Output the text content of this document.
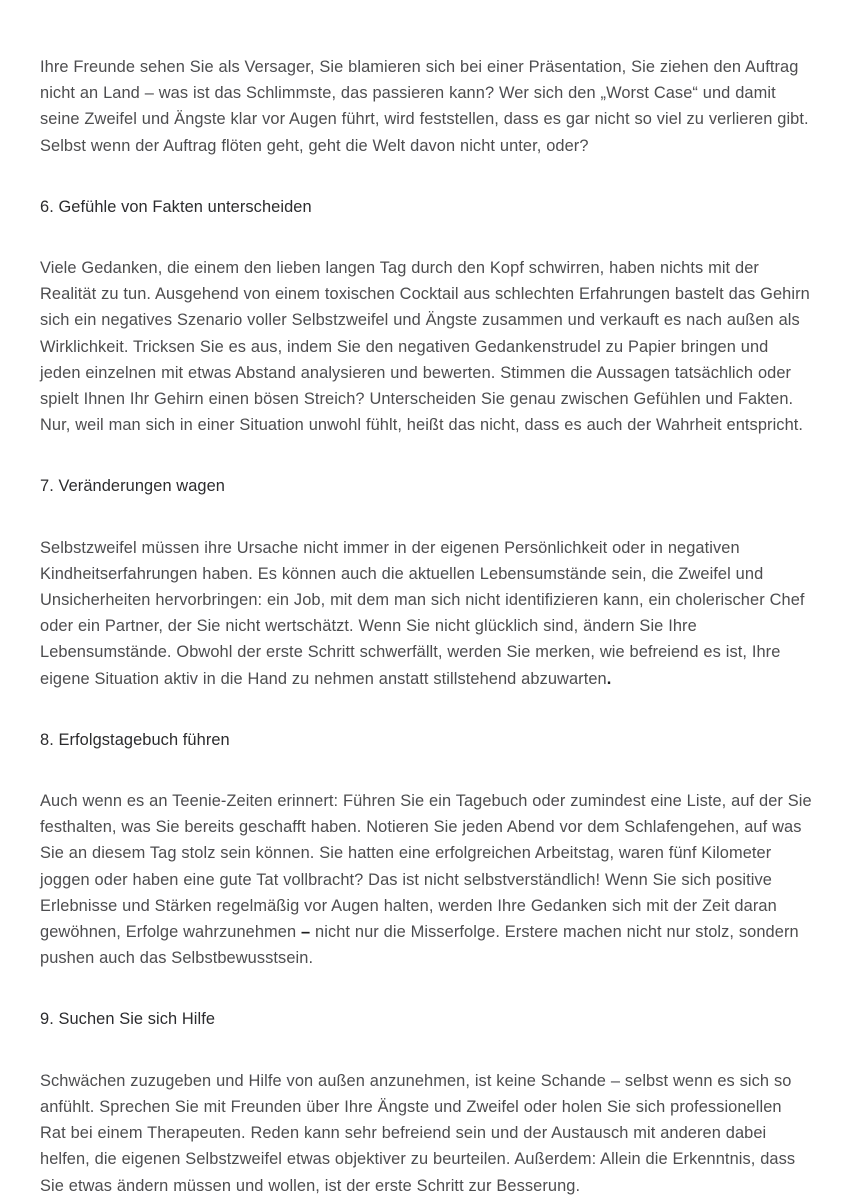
Ihre Freunde sehen Sie als Versager, Sie blamieren sich bei einer Präsentation, Sie ziehen den Auftrag nicht an Land – was ist das Schlimmste, das passieren kann? Wer sich den „Worst Case“ und damit seine Zweifel und Ängste klar vor Augen führt, wird feststellen, dass es gar nicht so viel zu verlieren gibt. Selbst wenn der Auftrag flöten geht, geht die Welt davon nicht unter, oder?

6. Gefühle von Fakten unterscheiden

Viele Gedanken, die einem den lieben langen Tag durch den Kopf schwirren, haben nichts mit der Realität zu tun. Ausgehend von einem toxischen Cocktail aus schlechten Erfahrungen bastelt das Gehirn sich ein negatives Szenario voller Selbstzweifel und Ängste zusammen und verkauft es nach außen als Wirklichkeit. Tricksen Sie es aus, indem Sie den negativen Gedankenstrudel zu Papier bringen und jeden einzelnen mit etwas Abstand analysieren und bewerten. Stimmen die Aussagen tatsächlich oder spielt Ihnen Ihr Gehirn einen bösen Streich? Unterscheiden Sie genau zwischen Gefühlen und Fakten. Nur, weil man sich in einer Situation unwohl fühlt, heißt das nicht, dass es auch der Wahrheit entspricht.

7. Veränderungen wagen

Selbstzweifel müssen ihre Ursache nicht immer in der eigenen Persönlichkeit oder in negativen Kindheitserfahrungen haben. Es können auch die aktuellen Lebensumstände sein, die Zweifel und Unsicherheiten hervorbringen: ein Job, mit dem man sich nicht identifizieren kann, ein cholerischer Chef oder ein Partner, der Sie nicht wertschätzt. Wenn Sie nicht glücklich sind, ändern Sie Ihre Lebensumstände. Obwohl der erste Schritt schwerfällt, werden Sie merken, wie befreiend es ist, Ihre eigene Situation aktiv in die Hand zu nehmen anstatt stillstehend abzuwarten.

8. Erfolgstagebuch führen

Auch wenn es an Teenie-Zeiten erinnert: Führen Sie ein Tagebuch oder zumindest eine Liste, auf der Sie festhalten, was Sie bereits geschafft haben. Notieren Sie jeden Abend vor dem Schlafengehen, auf was Sie an diesem Tag stolz sein können. Sie hatten eine erfolgreichen Arbeitstag, waren fünf Kilometer joggen oder haben eine gute Tat vollbracht? Das ist nicht selbstverständlich! Wenn Sie sich positive Erlebnisse und Stärken regelmäßig vor Augen halten, werden Ihre Gedanken sich mit der Zeit daran gewöhnen, Erfolge wahrzunehmen – nicht nur die Misserfolge. Erstere machen nicht nur stolz, sondern pushen auch das Selbstbewusstsein.

9. Suchen Sie sich Hilfe

Schwächen zuzugeben und Hilfe von außen anzunehmen, ist keine Schande – selbst wenn es sich so anfühlt. Sprechen Sie mit Freunden über Ihre Ängste und Zweifel oder holen Sie sich professionellen Rat bei einem Therapeuten. Reden kann sehr befreiend sein und der Austausch mit anderen dabei helfen, die eigenen Selbstzweifel etwas objektiver zu beurteilen. Außerdem: Allein die Erkenntnis, dass Sie etwas ändern müssen und wollen, ist der erste Schritt zur Besserung.
